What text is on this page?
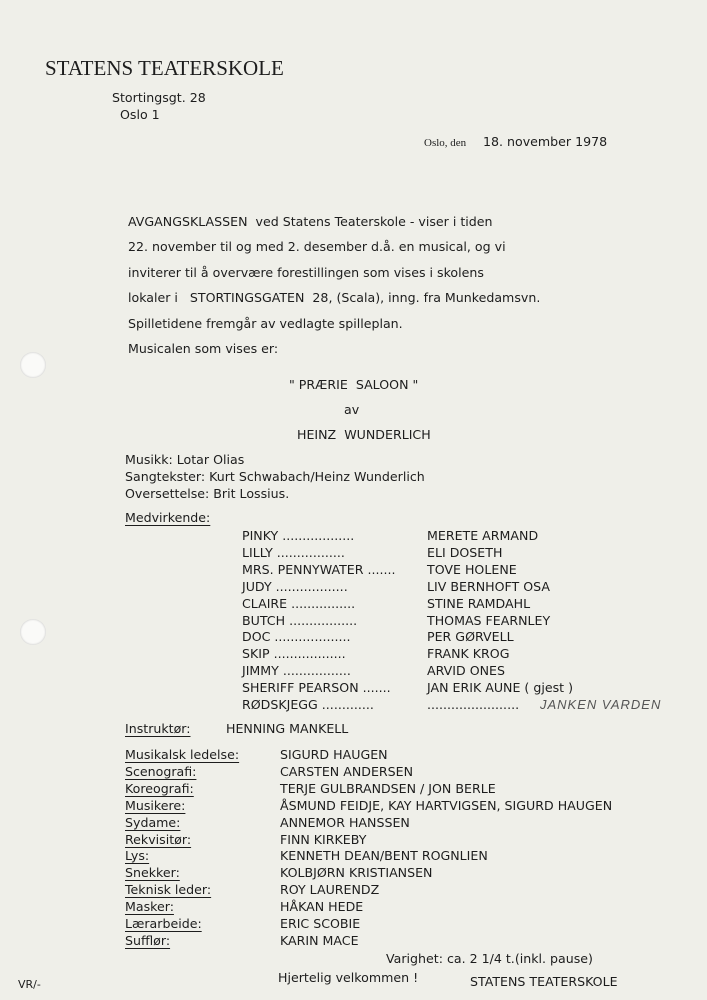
STATENS TEATERSKOLE
Stortingsgt. 28
Oslo 1
Oslo, den 18. november 1978
AVGANGSKLASSEN  ved Statens Teaterskole - viser i tiden
22. november til og med 2. desember d.å. en musical, og vi
inviterer til å overvære forestillingen som vises i skolens
lokaler i   STORTINGSGATEN  28, (Scala), inng. fra Munkedamsvn.
Spilletidene fremgår av vedlagte spilleplan.
Musicalen som vises er:
" PRÆRIE  SALOON "
av
HEINZ  WUNDERLICH
Musikk: Lotar Olias
Sangtekster: Kurt Schwabach/Heinz Wunderlich
Oversettelse: Brit Lossius.
Medvirkende:
PINKY ..................	MERETE ARMAND
LILLY .................	ELI DOSETH
MRS. PENNYWATER ....... TOVE HOLENE
JUDY ..................	LIV BERNHOFT OSA
CLAIRE ................	STINE RAMDAHL
BUTCH .................	THOMAS FEARNLEY
DOC ...................	PER GØRVELL
SKIP ..................	FRANK KROG
JIMMY .................	ARVID ONES
SHERIFF PEARSON .......	JAN ERIK AUNE ( gjest )
RØDSKJEGG .............	....................... JANKEN VARDEN
Instruktør:	HENNING MANKELL
Musikalsk ledelse:	SIGURD HAUGEN
Scenografi:	CARSTEN ANDERSEN
Koreografi:	TERJE GULBRANDSEN / JON BERLE
Musikere:	ÅSMUND FEIDJE, KAY HARTVIGSEN, SIGURD HAUGEN
Sydame:	ANNEMOR HANSSEN
Rekvisitør:	FINN KIRKEBY
Lys:	KENNETH DEAN/BENT ROGNLIEN
Snekker:	KOLBJØRN KRISTIANSEN
Teknisk leder:	ROY LAURENDZ
Masker:	HÅKAN HEDE
Lærarbeide:	ERIC SCOBIE
Sufflør:	KARIN MACE
Varighet: ca. 2 1/4 t.(inkl. pause)
Hjertelig velkommen !	STATENS TEATERSKOLE
VR/-
